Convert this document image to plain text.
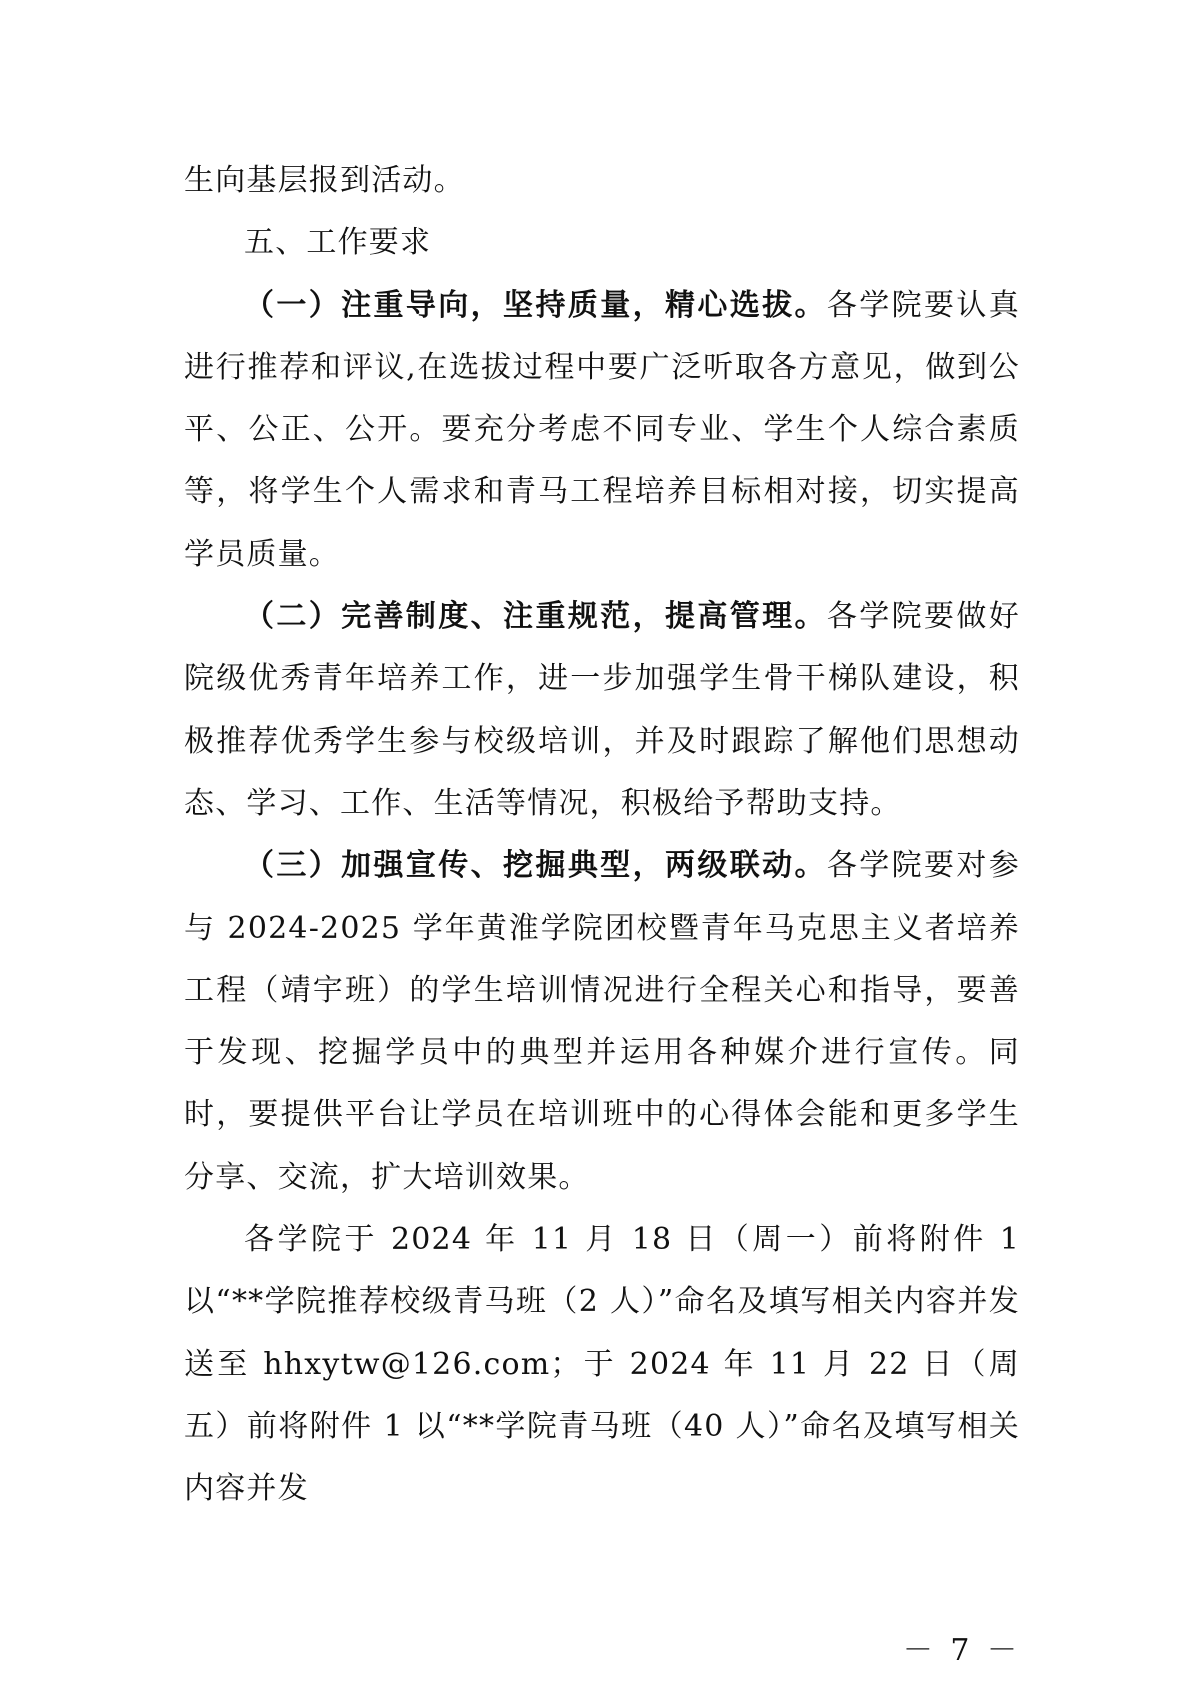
生向基层报到活动。

五、工作要求

（一）注重导向，坚持质量，精心选拔。各学院要认真进行推荐和评议,在选拔过程中要广泛听取各方意见，做到公平、公正、公开。要充分考虑不同专业、学生个人综合素质等，将学生个人需求和青马工程培养目标相对接，切实提高学员质量。

（二）完善制度、注重规范，提高管理。各学院要做好院级优秀青年培养工作，进一步加强学生骨干梯队建设，积极推荐优秀学生参与校级培训，并及时跟踪了解他们思想动态、学习、工作、生活等情况，积极给予帮助支持。

（三）加强宣传、挖掘典型，两级联动。各学院要对参与 2024-2025 学年黄淮学院团校暨青年马克思主义者培养工程（靖宇班）的学生培训情况进行全程关心和指导，要善于发现、挖掘学员中的典型并运用各种媒介进行宣传。同时，要提供平台让学员在培训班中的心得体会能和更多学生分享、交流，扩大培训效果。

各学院于 2024 年 11 月 18 日（周一）前将附件 1 以“**学院推荐校级青马班（2 人）”命名及填写相关内容并发送至 hhxytw@126.com；于 2024 年 11 月 22 日（周五）前将附件 1 以“**学院青马班（40 人）”命名及填写相关内容并发

－ 7 －
